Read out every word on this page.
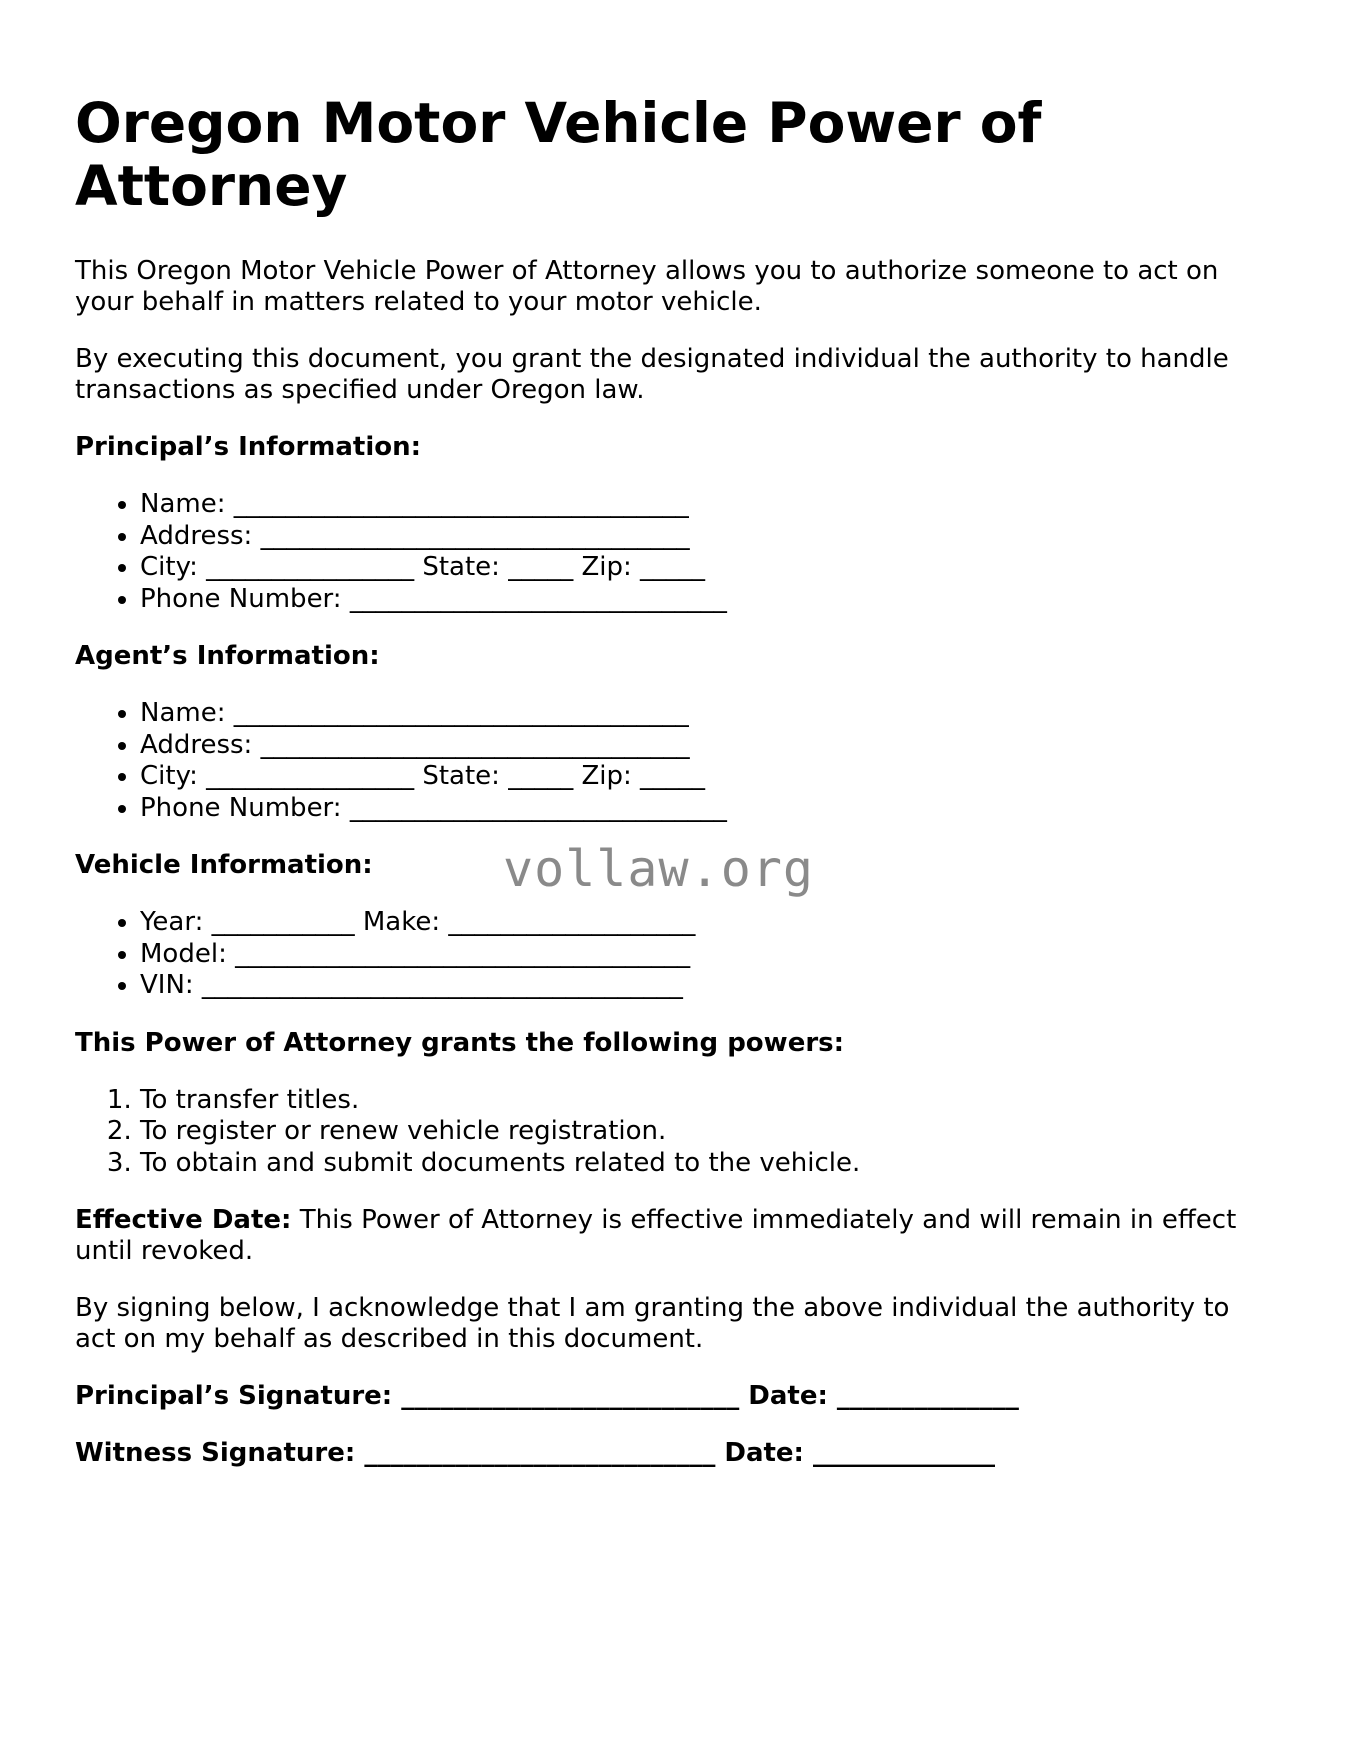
Oregon Motor Vehicle Power of Attorney

This Oregon Motor Vehicle Power of Attorney allows you to authorize someone to act on your behalf in matters related to your motor vehicle.

By executing this document, you grant the designated individual the authority to handle transactions as specified under Oregon law.

Principal’s Information:

• Name: ___________________________________
• Address: _________________________________
• City: ________________ State: _____ Zip: _____
• Phone Number: _____________________________

Agent’s Information:

• Name: ___________________________________
• Address: _________________________________
• City: ________________ State: _____ Zip: _____
• Phone Number: _____________________________

Vehicle Information:

• Year: ___________ Make: ___________________
• Model: ___________________________________
• VIN: _____________________________________

This Power of Attorney grants the following powers:

1. To transfer titles.
2. To register or renew vehicle registration.
3. To obtain and submit documents related to the vehicle.

Effective Date: This Power of Attorney is effective immediately and will remain in effect until revoked.

By signing below, I acknowledge that I am granting the above individual the authority to act on my behalf as described in this document.

Principal’s Signature: __________________________ Date: ______________

Witness Signature: ___________________________ Date: ______________

vollaw.org
